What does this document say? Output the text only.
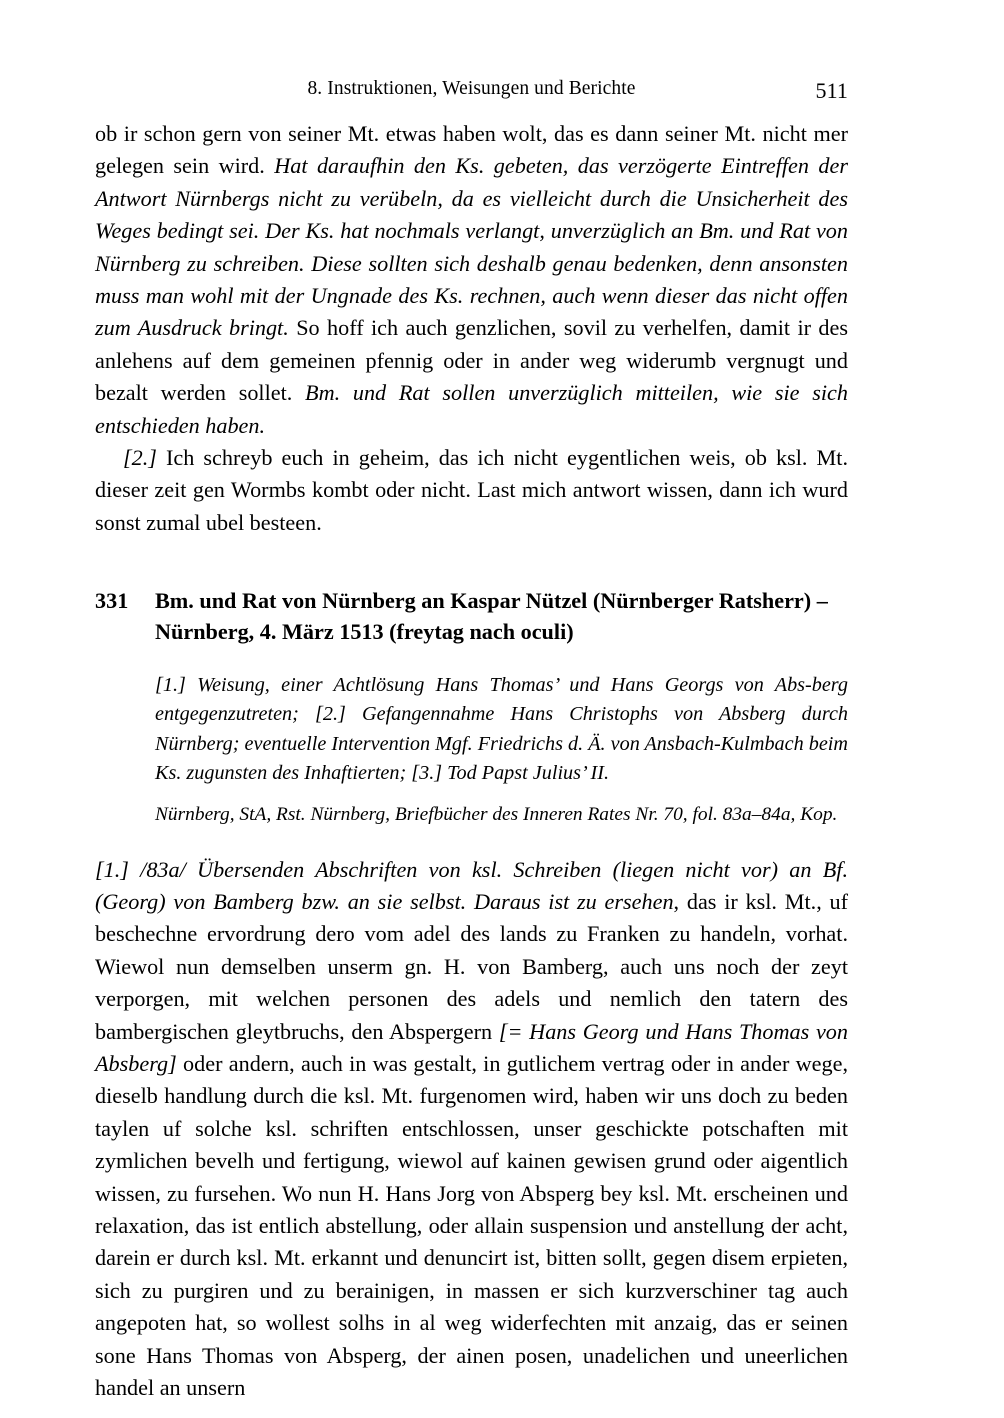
8. Instruktionen, Weisungen und Berichte	511

ob ir schon gern von seiner Mt. etwas haben wolt, das es dann seiner Mt. nicht mer gelegen sein wird. Hat daraufhin den Ks. gebeten, das verzögerte Eintreffen der Antwort Nürnbergs nicht zu verübeln, da es vielleicht durch die Unsicherheit des Weges bedingt sei. Der Ks. hat nochmals verlangt, unverzüglich an Bm. und Rat von Nürnberg zu schreiben. Diese sollten sich deshalb genau bedenken, denn ansonsten muss man wohl mit der Ungnade des Ks. rechnen, auch wenn dieser das nicht offen zum Ausdruck bringt. So hoff ich auch genzlichen, sovil zu verhelfen, damit ir des anlehens auf dem gemeinen pfennig oder in ander weg widerumb vergnugt und bezalt werden sollet. Bm. und Rat sollen unverzüglich mitteilen, wie sie sich entschieden haben.

[2.] Ich schreyb euch in geheim, das ich nicht eygentlichen weis, ob ksl. Mt. dieser zeit gen Wormbs kombt oder nicht. Last mich antwort wissen, dann ich wurd sonst zumal ubel besteen.

331	Bm. und Rat von Nürnberg an Kaspar Nützel (Nürnberger Ratsherr) – Nürnberg, 4. März 1513 (freytag nach oculi)
[1.] Weisung, einer Achtlösung Hans Thomas’ und Hans Georgs von Abs-berg entgegenzutreten; [2.] Gefangennahme Hans Christophs von Absberg durch Nürnberg; eventuelle Intervention Mgf. Friedrichs d. Ä. von Ansbach-Kulmbach beim Ks. zugunsten des Inhaftierten; [3.] Tod Papst Julius’ II.
Nürnberg, StA, Rst. Nürnberg, Briefbücher des Inneren Rates Nr. 70, fol. 83a–84a, Kop.

[1.] /83a/ Übersenden Abschriften von ksl. Schreiben (liegen nicht vor) an Bf. (Georg) von Bamberg bzw. an sie selbst. Daraus ist zu ersehen, das ir ksl. Mt., uf beschechne ervordrung dero vom adel des lands zu Franken zu handeln, vorhat. Wiewol nun demselben unserm gn. H. von Bamberg, auch uns noch der zeyt verporgen, mit welchen personen des adels und nemlich den tatern des bambergischen gleytbruchs, den Abspergern [= Hans Georg und Hans Thomas von Absberg] oder andern, auch in was gestalt, in gutlichem vertrag oder in ander wege, dieselb handlung durch die ksl. Mt. furgenomen wird, haben wir uns doch zu beden taylen uf solche ksl. schriften entschlossen, unser geschickte potschaften mit zymlichen bevelh und fertigung, wiewol auf kainen gewisen grund oder aigentlich wissen, zu fursehen. Wo nun H. Hans Jorg von Absperg bey ksl. Mt. erscheinen und relaxation, das ist entlich abstellung, oder allain suspension und anstellung der acht, darein er durch ksl. Mt. erkannt und denuncirt ist, bitten sollt, gegen disem erpieten, sich zu purgiren und zu berainigen, in massen er sich kurzverschiner tag auch angepoten hat, so wollest solhs in al weg widerfechten mit anzaig, das er seinen sone Hans Thomas von Absperg, der ainen posen, unadelichen und uneerlichen handel an unsern
